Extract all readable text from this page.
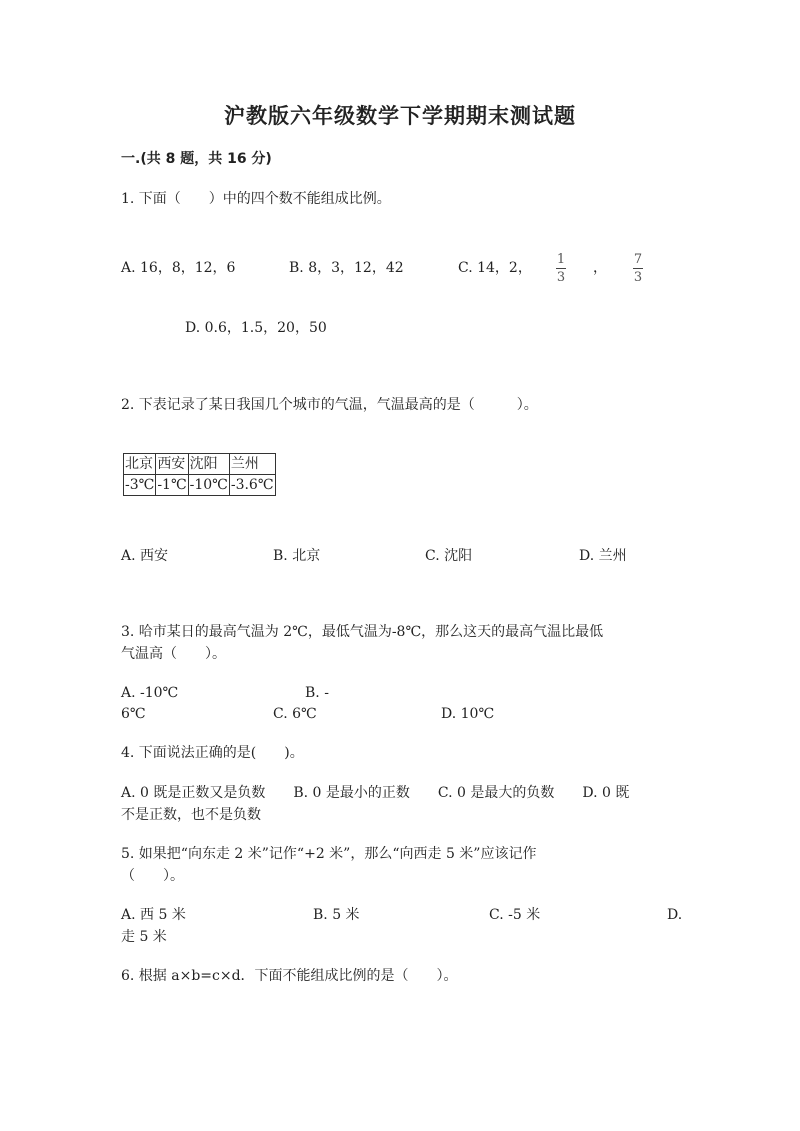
沪教版六年级数学下学期期末测试题
一.(共 8 题，共 16 分)
1. 下面（　　）中的四个数不能组成比例。
A. 16，8，12，6	B. 8，3，12，42	C. 14，2，
1
3
，
7
3
D. 0.6，1.5，20，50
2. 下表记录了某日我国几个城市的气温，气温最高的是（　　　）。
北京	西安	沈阳	兰州
-3℃	-1℃	-10℃	-3.6℃
A. 西安	B. 北京	C. 沈阳	D. 兰州
3. 哈市某日的最高气温为 2℃，最低气温为-8℃，那么这天的最高气温比最低
气温高（　　）。
A. -10℃	B. -
6℃	C. 6℃	D. 10℃
4. 下面说法正确的是(　　)。
A. 0 既是正数又是负数　　B. 0 是最小的正数　　C. 0 是最大的负数　　D. 0 既
不是正数，也不是负数
5. 如果把“向东走 2 米”记作“+2 米”，那么“向西走 5 米”应该记作
（　　）。
A. 西 5 米	B. 5 米	C. -5 米	D.
走 5 米
6. 根据 a×b=c×d．下面不能组成比例的是（　　）。
